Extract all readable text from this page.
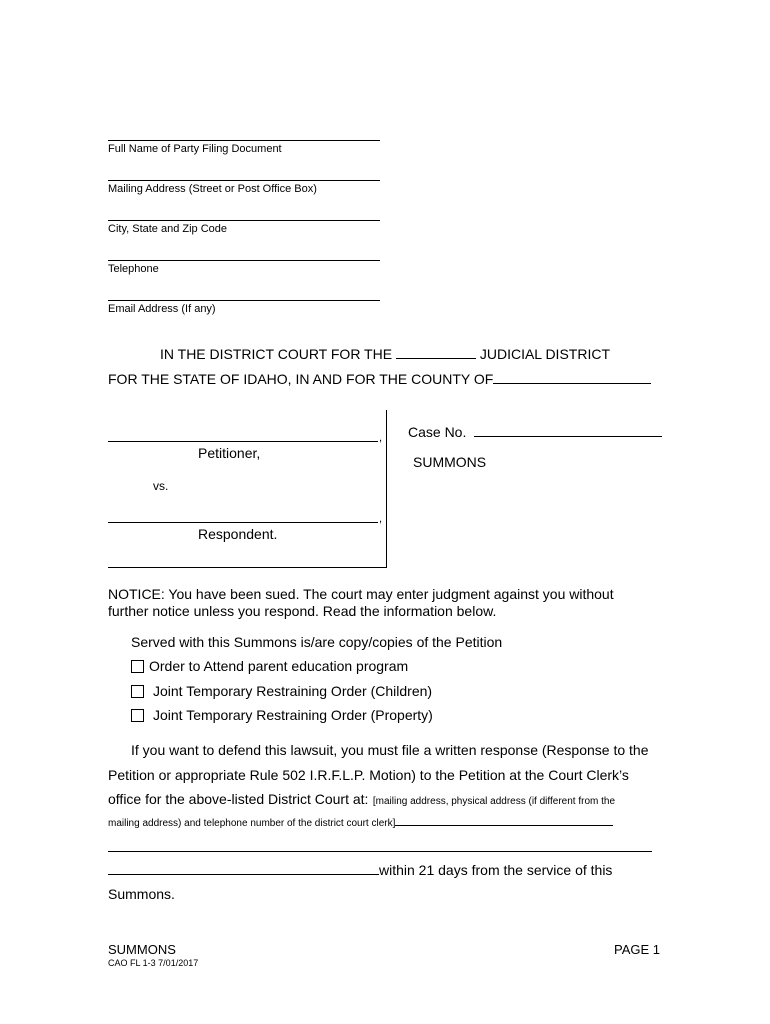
Full Name of Party Filing Document
Mailing Address (Street or Post Office Box)
City, State and Zip Code
Telephone
Email Address (If any)
IN THE DISTRICT COURT FOR THE	JUDICIAL DISTRICT
FOR THE STATE OF IDAHO, IN AND FOR THE COUNTY OF
,
Petitioner,
vs.
,
Respondent.
Case No.
SUMMONS
NOTICE: You have been sued. The court may enter judgment against you without
further notice unless you respond. Read the information below.
Served with this Summons is/are copy/copies of the Petition
Order to Attend parent education program
Joint Temporary Restraining Order (Children)
Joint Temporary Restraining Order (Property)
If you want to defend this lawsuit, you must file a written response (Response to the
Petition or appropriate Rule 502 I.R.F.L.P. Motion) to the Petition at the Court Clerk’s
office for the above-listed District Court at: [mailing address, physical address (if different from the
mailing address) and telephone number of the district court clerk]
within 21 days from the service of this
Summons.
SUMMONS
CAO FL 1-3 7/01/2017
PAGE 1
